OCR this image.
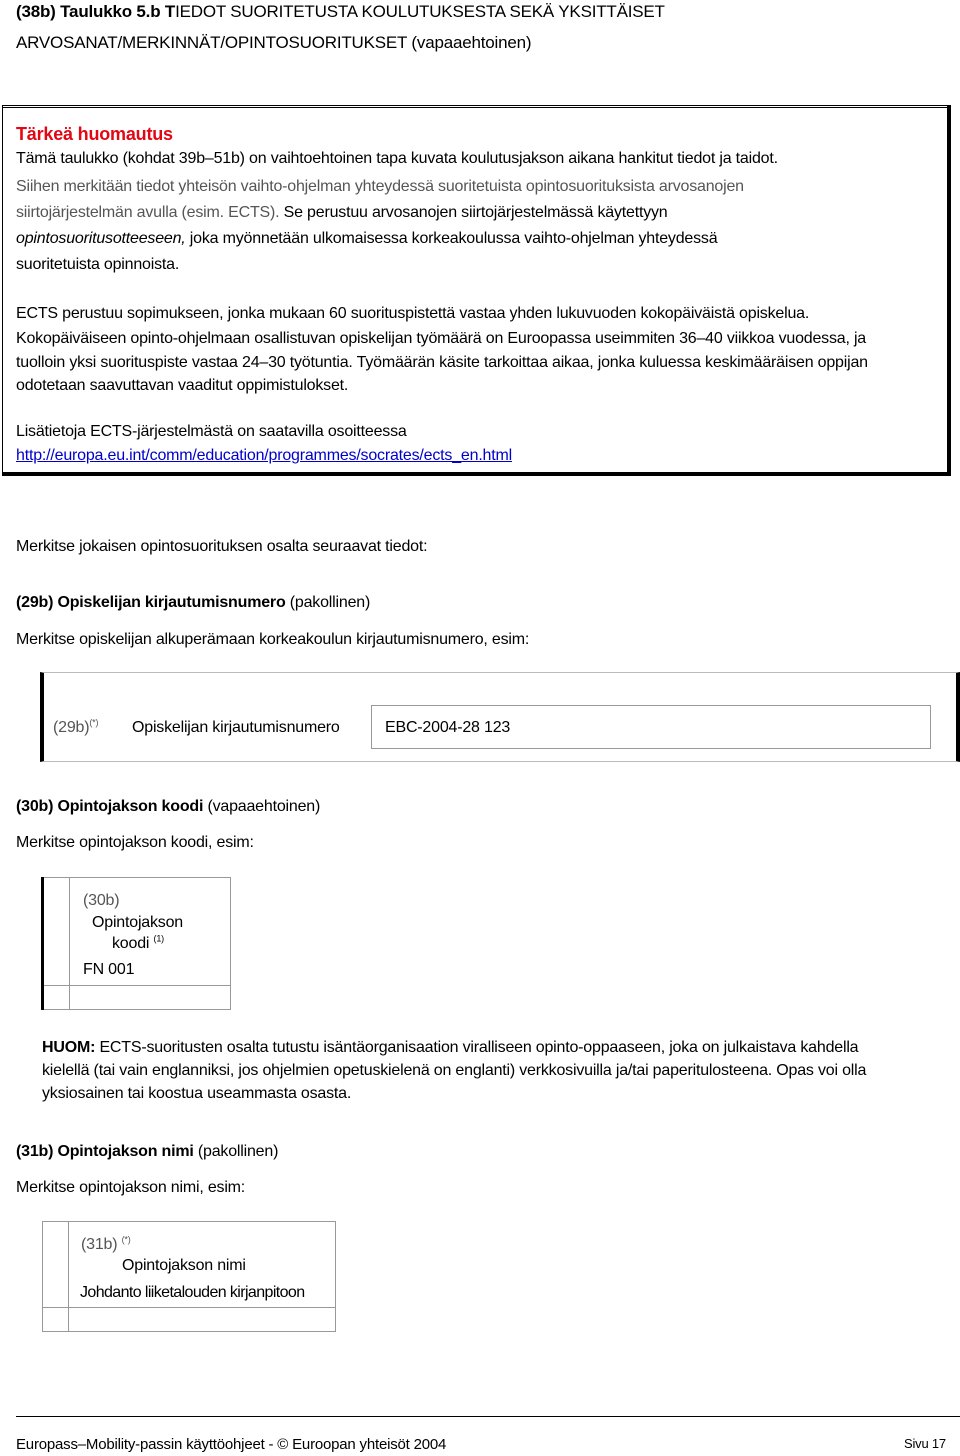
(38b) Taulukko 5.b TIEDOT SUORITETUSTA KOULUTUKSESTA SEKÄ YKSITTÄISET
ARVOSANAT/MERKINNÄT/OPINTOSUORITUKSET (vapaaehtoinen)
Tärkeä huomautus
Tämä taulukko (kohdat 39b–51b) on vaihtoehtoinen tapa kuvata koulutusjakson aikana hankitut tiedot ja taidot.
Siihen merkitään tiedot yhteisön vaihto-ohjelman yhteydessä suoritetuista opintosuorituksista arvosanojen
siirtojärjestelmän avulla (esim. ECTS). Se perustuu arvosanojen siirtojärjestelmässä käytettyyn
opintosuoritusotteeseen, joka myönnetään ulkomaisessa korkeakoulussa vaihto-ohjelman yhteydessä
suoritetuista opinnoista.
ECTS perustuu sopimukseen, jonka mukaan 60 suorituspistettä vastaa yhden lukuvuoden kokopäiväistä opiskelua.
Kokopäiväiseen opinto-ohjelmaan osallistuvan opiskelijan työmäärä on Euroopassa useimmiten 36–40 viikkoa vuodessa, ja
tuolloin yksi suorituspiste vastaa 24–30 työtuntia. Työmäärän käsite tarkoittaa aikaa, jonka kuluessa keskimääräisen oppijan
odotetaan saavuttavan vaaditut oppimistulokset.
Lisätietoja ECTS-järjestelmästä on saatavilla osoitteessa
http://europa.eu.int/comm/education/programmes/socrates/ects_en.html
Merkitse jokaisen opintosuorituksen osalta seuraavat tiedot:
(29b) Opiskelijan kirjautumisnumero (pakollinen)
Merkitse opiskelijan alkuperämaan korkeakoulun kirjautumisnumero, esim:
(29b)(*) Opiskelijan kirjautumisnumero	EBC-2004-28 123
(30b) Opintojakson koodi (vapaaehtoinen)
Merkitse opintojakson koodi, esim:

	(30b)
Opintojakson
koodi $^{(1)}$
FN 001

HUOM: ECTS-suoritusten osalta tutustu isäntäorganisaation viralliseen opinto-oppaaseen, joka on julkaistava kahdella
kielellä (tai vain englanniksi, jos ohjelmien opetuskielenä on englanti) verkkosivuilla ja/tai paperitulosteena. Opas voi olla
yksiosainen tai koostua useammasta osasta.
(31b) Opintojakson nimi (pakollinen)
Merkitse opintojakson nimi, esim:

	(31b) (*)
Opintojakson nimi
Johdanto liiketalouden kirjanpitoon

Europass–Mobility-passin käyttöohjeet - © Euroopan yhteisöt 2004	Sivu 17
